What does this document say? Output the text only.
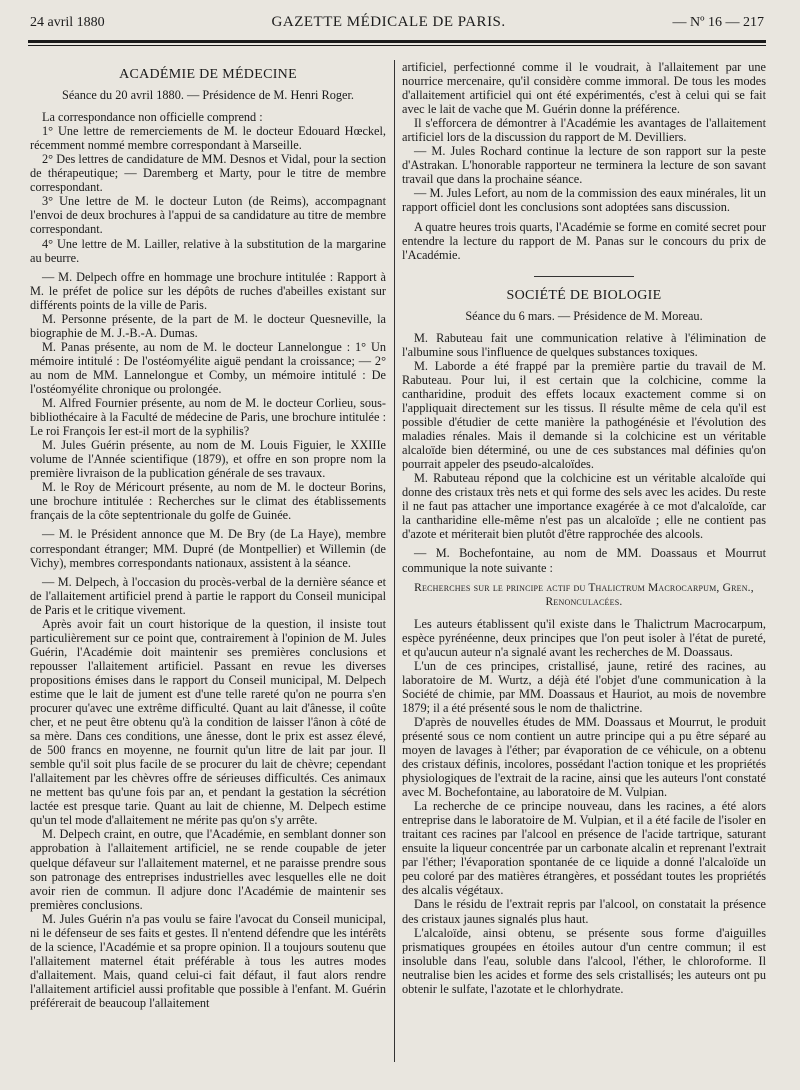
24 avril 1880	GAZETTE MÉDICALE DE PARIS.	— Nº 16 — 217
ACADÉMIE DE MÉDECINE
Séance du 20 avril 1880. — Présidence de M. Henri Roger.

La correspondance non officielle comprend :

1° Une lettre de remerciements de M. le docteur Edouard Hœckel, récemment nommé membre correspondant à Marseille.

2° Des lettres de candidature de MM. Desnos et Vidal, pour la section de thérapeutique; — Daremberg et Marty, pour le titre de membre correspondant.

3° Une lettre de M. le docteur Luton (de Reims), accompagnant l'envoi de deux brochures à l'appui de sa candidature au titre de membre correspondant.

4° Une lettre de M. Lailler, relative à la substitution de la margarine au beurre.

— M. Delpech offre en hommage une brochure intitulée : Rapport à M. le préfet de police sur les dépôts de ruches d'abeilles existant sur différents points de la ville de Paris.

M. Personne présente, de la part de M. le docteur Quesneville, la biographie de M. J.-B.-A. Dumas.

M. Panas présente, au nom de M. le docteur Lannelongue : 1° Un mémoire intitulé : De l'ostéomyélite aiguë pendant la croissance; — 2° au nom de MM. Lannelongue et Comby, un mémoire intitulé : De l'ostéomyélite chronique ou prolongée.

M. Alfred Fournier présente, au nom de M. le docteur Corlieu, sous-bibliothécaire à la Faculté de médecine de Paris, une brochure intitulée : Le roi François Ier est-il mort de la syphilis?

M. Jules Guérin présente, au nom de M. Louis Figuier, le XXIIIe volume de l'Année scientifique (1879), et offre en son propre nom la première livraison de la publication générale de ses travaux.

M. le Roy de Méricourt présente, au nom de M. le docteur Borins, une brochure intitulée : Recherches sur le climat des établissements français de la côte septentrionale du golfe de Guinée.

— M. le Président annonce que M. De Bry (de La Haye), membre correspondant étranger; MM. Dupré (de Montpellier) et Willemin (de Vichy), membres correspondants nationaux, assistent à la séance.

— M. Delpech, à l'occasion du procès-verbal de la dernière séance et de l'allaitement artificiel prend à partie le rapport du Conseil municipal de Paris et le critique vivement.

Après avoir fait un court historique de la question, il insiste tout particulièrement sur ce point que, contrairement à l'opinion de M. Jules Guérin, l'Académie doit maintenir ses premières conclusions et repousser l'allaitement artificiel. Passant en revue les diverses propositions émises dans le rapport du Conseil municipal, M. Delpech estime que le lait de jument est d'une telle rareté qu'on ne pourra s'en procurer qu'avec une extrême difficulté. Quant au lait d'ânesse, il coûte cher, et ne peut être obtenu qu'à la condition de laisser l'ânon à côté de sa mère. Dans ces conditions, une ânesse, dont le prix est assez élevé, de 500 francs en moyenne, ne fournit qu'un litre de lait par jour. Il semble qu'il soit plus facile de se procurer du lait de chèvre; cependant l'allaitement par les chèvres offre de sérieuses difficultés. Ces animaux ne mettent bas qu'une fois par an, et pendant la gestation la sécrétion lactée est presque tarie. Quant au lait de chienne, M. Delpech estime qu'un tel mode d'allaitement ne mérite pas qu'on s'y arrête.

M. Delpech craint, en outre, que l'Académie, en semblant donner son approbation à l'allaitement artificiel, ne se rende coupable de jeter quelque défaveur sur l'allaitement maternel, et ne paraisse prendre sous son patronage des entreprises industrielles avec lesquelles elle ne doit avoir rien de commun. Il adjure donc l'Académie de maintenir ses premières conclusions.

M. Jules Guérin n'a pas voulu se faire l'avocat du Conseil municipal, ni le défenseur de ses faits et gestes. Il n'entend défendre que les intérêts de la science, l'Académie et sa propre opinion. Il a toujours soutenu que l'allaitement maternel était préférable à tous les autres modes d'allaitement. Mais, quand celui-ci fait défaut, il faut alors rendre l'allaitement artificiel aussi profitable que possible à l'enfant. M. Guérin préférerait de beaucoup l'allaitement

artificiel, perfectionné comme il le voudrait, à l'allaitement par une nourrice mercenaire, qu'il considère comme immoral. De tous les modes d'allaitement artificiel qui ont été expérimentés, c'est à celui qui se fait avec le lait de vache que M. Guérin donne la préférence.

Il s'efforcera de démontrer à l'Académie les avantages de l'allaitement artificiel lors de la discussion du rapport de M. Devilliers.

— M. Jules Rochard continue la lecture de son rapport sur la peste d'Astrakan. L'honorable rapporteur ne terminera la lecture de son savant travail que dans la prochaine séance.

— M. Jules Lefort, au nom de la commission des eaux minérales, lit un rapport officiel dont les conclusions sont adoptées sans discussion.

A quatre heures trois quarts, l'Académie se forme en comité secret pour entendre la lecture du rapport de M. Panas sur le concours du prix de l'Académie.

SOCIÉTÉ DE BIOLOGIE
Séance du 6 mars. — Présidence de M. Moreau.

M. Rabuteau fait une communication relative à l'élimination de l'albumine sous l'influence de quelques substances toxiques.

M. Laborde a été frappé par la première partie du travail de M. Rabuteau. Pour lui, il est certain que la colchicine, comme la cantharidine, produit des effets locaux exactement comme si on l'appliquait directement sur les tissus. Il résulte même de cela qu'il est possible d'étudier de cette manière la pathogénésie et l'évolution des maladies rénales. Mais il demande si la colchicine est un véritable alcaloïde bien déterminé, ou une de ces substances mal définies qu'on pourrait appeler des pseudo-alcaloïdes.

M. Rabuteau répond que la colchicine est un véritable alcaloïde qui donne des cristaux très nets et qui forme des sels avec les acides. Du reste il ne faut pas attacher une importance exagérée à ce mot d'alcaloïde, car la cantharidine elle-même n'est pas un alcaloïde ; elle ne contient pas d'azote et mériterait bien plutôt d'être rapprochée des alcools.

— M. Bochefontaine, au nom de MM. Doassaus et Mourrut communique la note suivante :

Recherches sur le principe actif du Thalictrum Macrocarpum, Gren., Renonculacées.

Les auteurs établissent qu'il existe dans le Thalictrum Macrocarpum, espèce pyrénéenne, deux principes que l'on peut isoler à l'état de pureté, et qu'aucun auteur n'a signalé avant les recherches de M. Doassaus.

L'un de ces principes, cristallisé, jaune, retiré des racines, au laboratoire de M. Wurtz, a déjà été l'objet d'une communication à la Société de chimie, par MM. Doassaus et Hauriot, au mois de novembre 1879; il a été présenté sous le nom de thalictrine.

D'après de nouvelles études de MM. Doassaus et Mourrut, le produit présenté sous ce nom contient un autre principe qui a pu être séparé au moyen de lavages à l'éther; par évaporation de ce véhicule, on a obtenu des cristaux définis, incolores, possédant l'action tonique et les propriétés physiologiques de l'extrait de la racine, ainsi que les auteurs l'ont constaté avec M. Bochefontaine, au laboratoire de M. Vulpian.

La recherche de ce principe nouveau, dans les racines, a été alors entreprise dans le laboratoire de M. Vulpian, et il a été facile de l'isoler en traitant ces racines par l'alcool en présence de l'acide tartrique, saturant ensuite la liqueur concentrée par un carbonate alcalin et reprenant l'extrait par l'éther; l'évaporation spontanée de ce liquide a donné l'alcaloïde un peu coloré par des matières étrangères, et possédant toutes les propriétés des alcalis végétaux.

Dans le résidu de l'extrait repris par l'alcool, on constatait la présence des cristaux jaunes signalés plus haut.

L'alcaloïde, ainsi obtenu, se présente sous forme d'aiguilles prismatiques groupées en étoiles autour d'un centre commun; il est insoluble dans l'eau, soluble dans l'alcool, l'éther, le chloroforme. Il neutralise bien les acides et forme des sels cristallisés; les auteurs ont pu obtenir le sulfate, l'azotate et le chlorhydrate.
